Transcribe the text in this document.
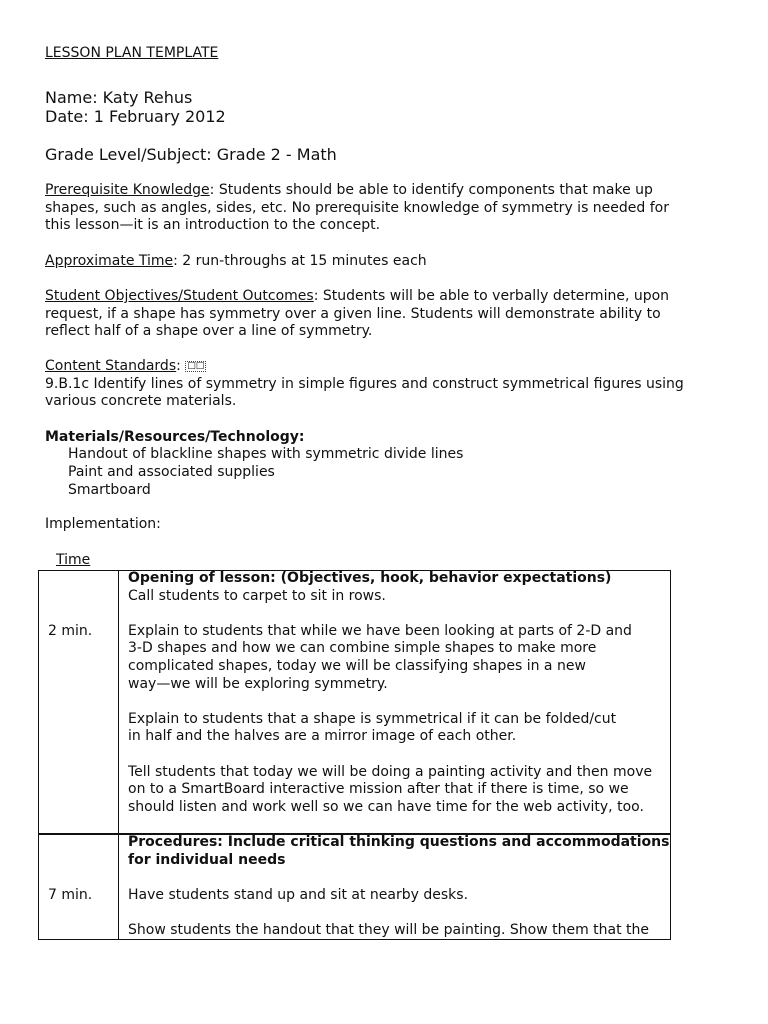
LESSON PLAN TEMPLATE
Name: Katy Rehus
Date: 1 February 2012
Grade Level/Subject: Grade 2 - Math
Prerequisite Knowledge: Students should be able to identify components that make up
shapes, such as angles, sides, etc. No prerequisite knowledge of symmetry is needed for
this lesson—it is an introduction to the concept.
Approximate Time: 2 run-throughs at 15 minutes each
Student Objectives/Student Outcomes: Students will be able to verbally determine, upon
request, if a shape has symmetry over a given line. Students will demonstrate ability to
reflect half of a shape over a line of symmetry.
Content Standards: □□
9.B.1c Identify lines of symmetry in simple figures and construct symmetrical figures using
various concrete materials.
Materials/Resources/Technology:
Handout of blackline shapes with symmetric divide lines
Paint and associated supplies
Smartboard
Implementation:
Time
2 min.
Opening of lesson: (Objectives, hook, behavior expectations)
Call students to carpet to sit in rows.
Explain to students that while we have been looking at parts of 2-D and
3-D shapes and how we can combine simple shapes to make more
complicated shapes, today we will be classifying shapes in a new
way—we will be exploring symmetry.
Explain to students that a shape is symmetrical if it can be folded/cut
in half and the halves are a mirror image of each other.
Tell students that today we will be doing a painting activity and then move
on to a SmartBoard interactive mission after that if there is time, so we
should listen and work well so we can have time for the web activity, too.
7 min.
Procedures: Include critical thinking questions and accommodations
for individual needs
Have students stand up and sit at nearby desks.
Show students the handout that they will be painting. Show them that the
